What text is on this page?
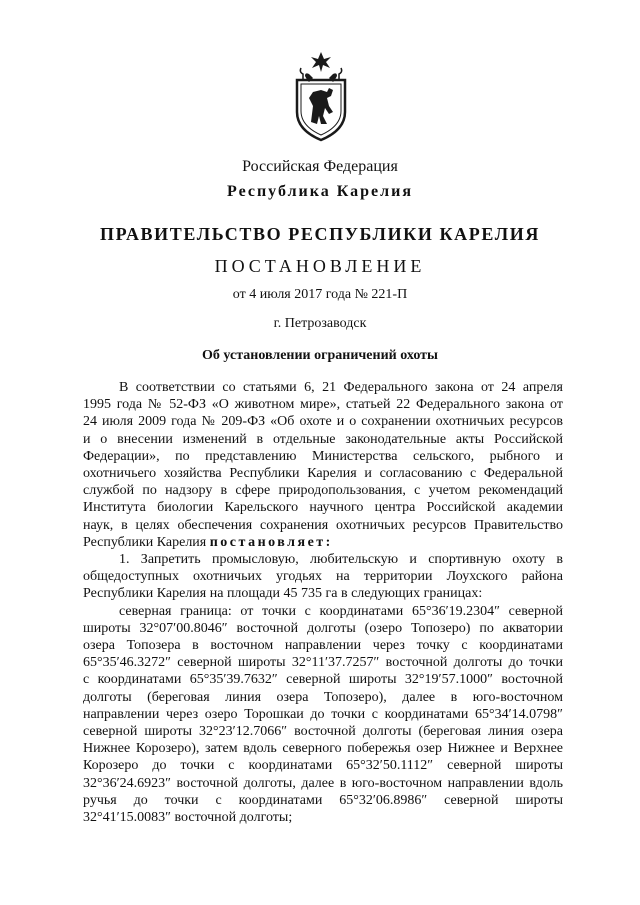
Российская Федерация
Республика Карелия
ПРАВИТЕЛЬСТВО РЕСПУБЛИКИ КАРЕЛИЯ
ПОСТАНОВЛЕНИЕ
от 4 июля 2017 года № 221-П
г. Петрозаводск
Об установлении ограничений охоты
В соответствии со статьями 6, 21 Федерального закона от 24 апреля
1995 года № 52-ФЗ «О животном мире», статьей 22 Федерального закона от
24 июля 2009 года № 209-ФЗ «Об охоте и о сохранении охотничьих ресурсов
и о внесении изменений в отдельные законодательные акты Российской
Федерации», по представлению Министерства сельского, рыбного и
охотничьего хозяйства Республики Карелия и согласованию с Федеральной
службой по надзору в сфере природопользования, с учетом рекомендаций
Института биологии Карельского научного центра Российской академии
наук, в целях обеспечения сохранения охотничьих ресурсов Правительство
Республики Карелия постановляет:
1. Запретить промысловую, любительскую и спортивную охоту в
общедоступных охотничьих угодьях на территории Лоухского района
Республики Карелия на площади 45 735 га в следующих границах:
северная граница: от точки с координатами 65°36′19.2304″ северной
широты 32°07′00.8046″ восточной долготы (озеро Топозеро) по акватории
озера Топозера в восточном направлении через точку с координатами
65°35′46.3272″ северной широты 32°11′37.7257″ восточной долготы до точки
с координатами 65°35′39.7632″ северной широты 32°19′57.1000″ восточной
долготы (береговая линия озера Топозеро), далее в юго-восточном
направлении через озеро Торошкаи до точки с координатами 65°34′14.0798″
северной широты 32°23′12.7066″ восточной долготы (береговая линия озера
Нижнее Корозеро), затем вдоль северного побережья озер Нижнее и Верхнее
Корозеро до точки с координатами 65°32′50.1112″ северной широты
32°36′24.6923″ восточной долготы, далее в юго-восточном направлении вдоль
ручья до точки с координатами 65°32′06.8986″ северной широты
32°41′15.0083″ восточной долготы;
